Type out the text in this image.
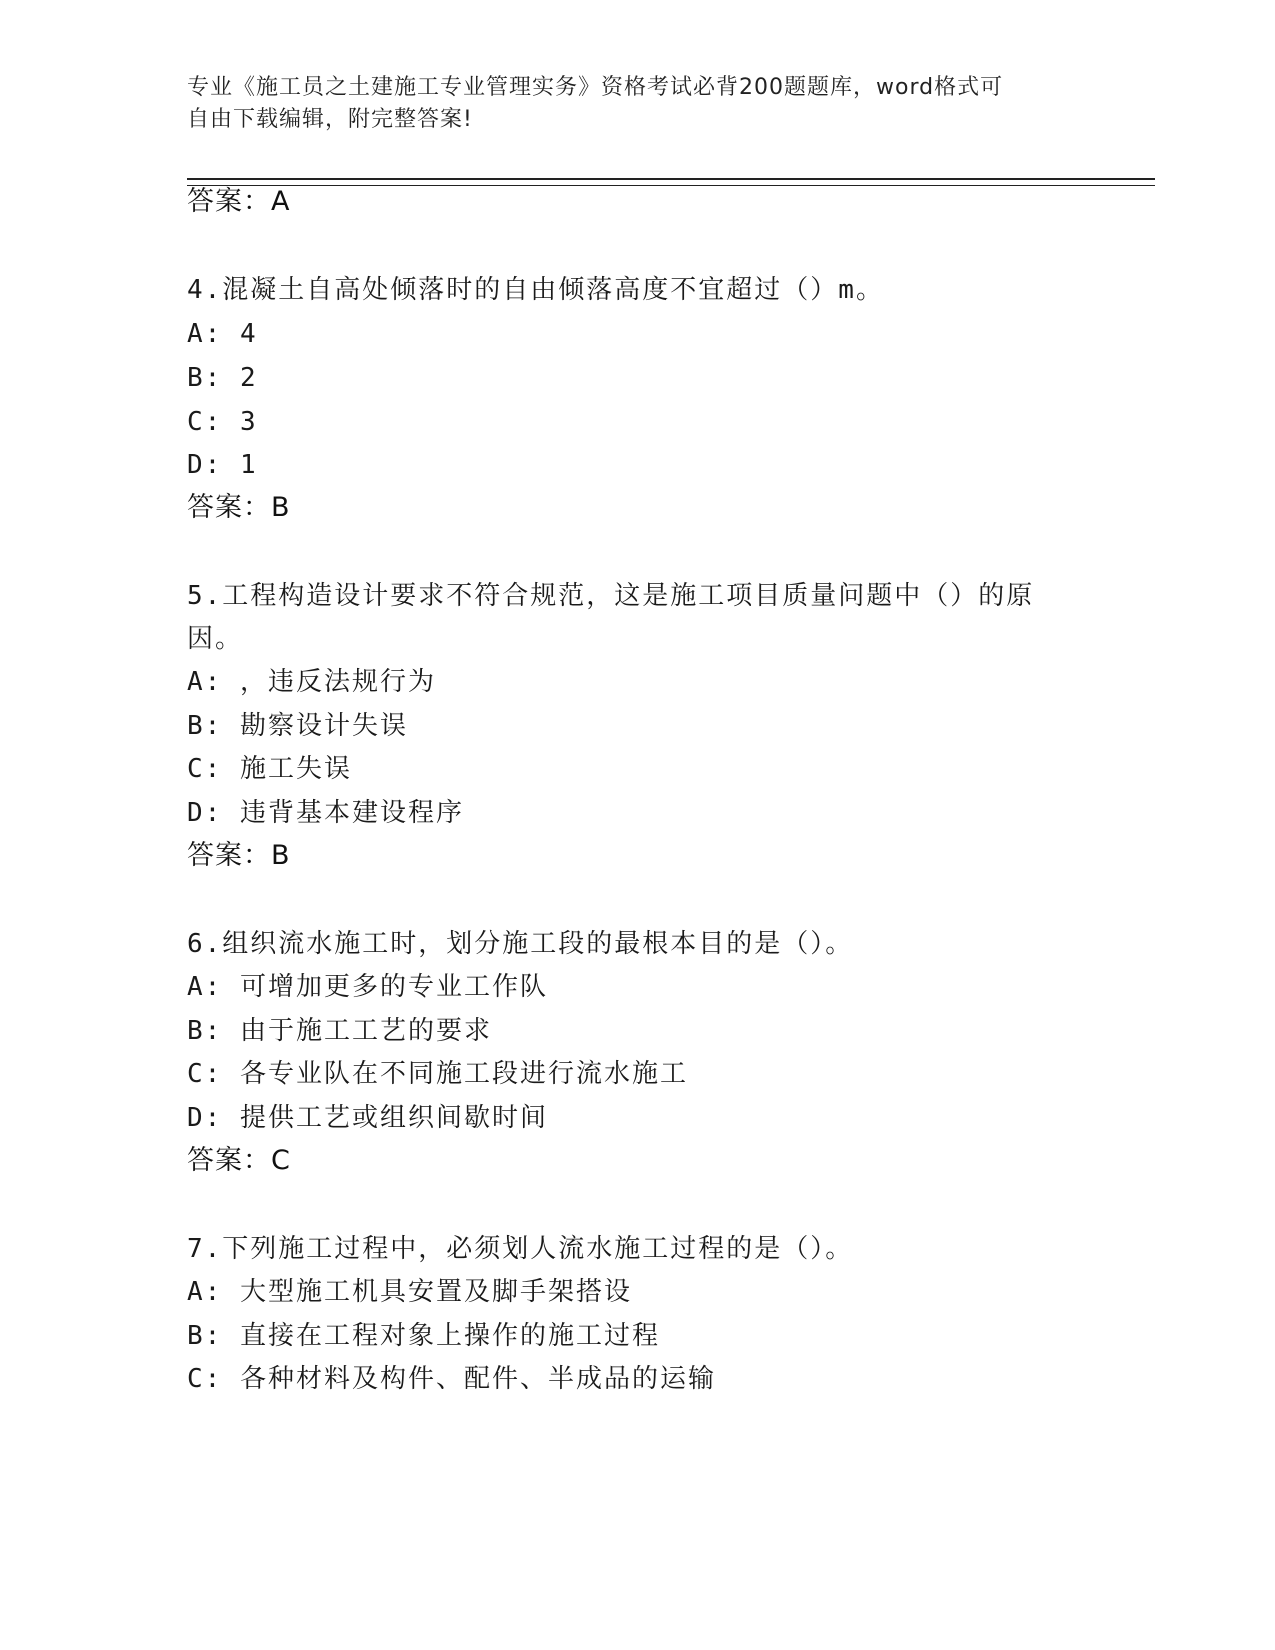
专业《施工员之土建施工专业管理实务》资格考试必背200题题库，word格式可
自由下载编辑，附完整答案!
答案：A
4.混凝土自高处倾落时的自由倾落高度不宜超过（）m。
A: 4
B: 2
C: 3
D: 1
答案：B
5.工程构造设计要求不符合规范，这是施工项目质量问题中（）的原
因。
A: ，违反法规行为
B: 勘察设计失误
C: 施工失误
D: 违背基本建设程序
答案：B
6.组织流水施工时，划分施工段的最根本目的是（）。
A: 可增加更多的专业工作队
B: 由于施工工艺的要求
C: 各专业队在不同施工段进行流水施工
D: 提供工艺或组织间歇时间
答案：C
7.下列施工过程中，必须划人流水施工过程的是（）。
A: 大型施工机具安置及脚手架搭设
B: 直接在工程对象上操作的施工过程
C: 各种材料及构件、配件、半成品的运输
